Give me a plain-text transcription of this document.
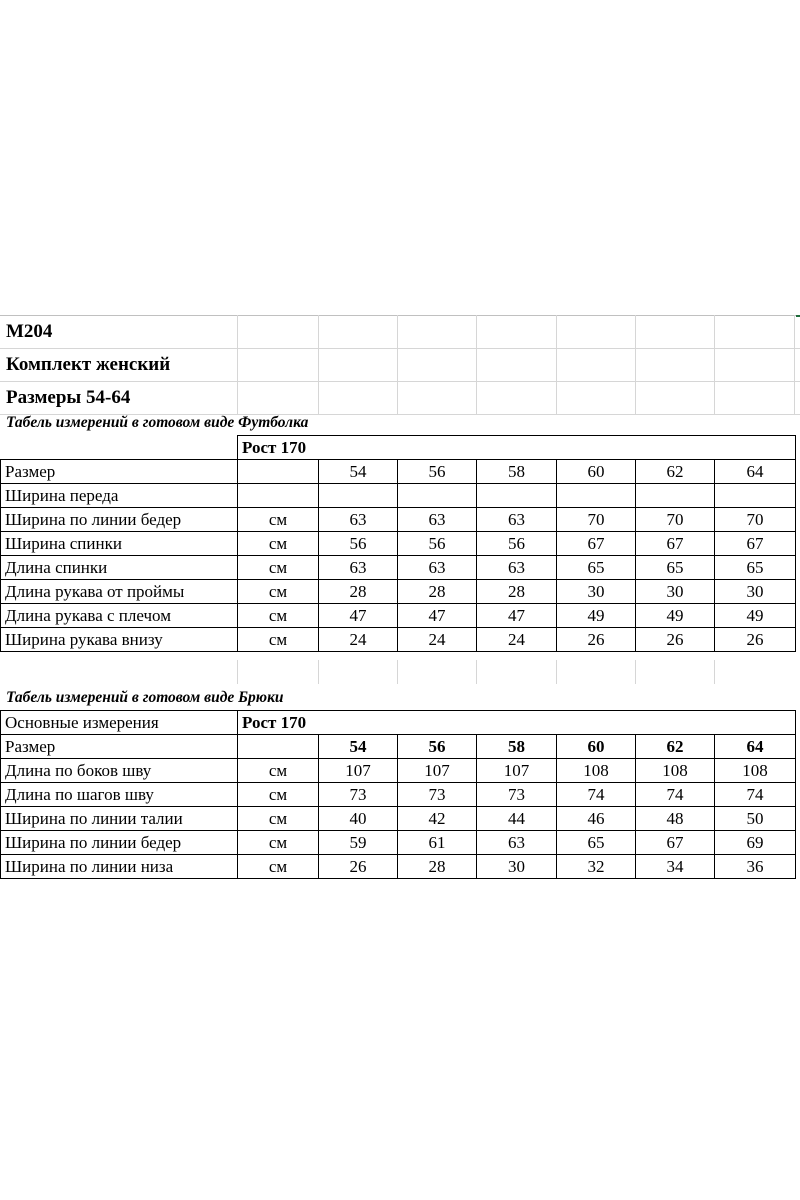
М204
Комплект женский
Размеры 54-64
Табель измерений в готовом виде Футболка
	Рост 170						
Размер		54	56	58	60	62	64
Ширина переда							
Ширина по линии бедер	см	63	63	63	70	70	70
Ширина спинки	см	56	56	56	67	67	67
Длина спинки	см	63	63	63	65	65	65
Длина рукава от проймы	см	28	28	28	30	30	30
Длина рукава с плечом	см	47	47	47	49	49	49
Ширина рукава внизу	см	24	24	24	26	26	26
Табель измерений в готовом виде Брюки
Основные измерения	Рост 170						
Размер		54	56	58	60	62	64
Длина по боков шву	см	107	107	107	108	108	108
Длина по шагов шву	см	73	73	73	74	74	74
Ширина по линии талии	см	40	42	44	46	48	50
Ширина по линии бедер	см	59	61	63	65	67	69
Ширина по линии низа	см	26	28	30	32	34	36
